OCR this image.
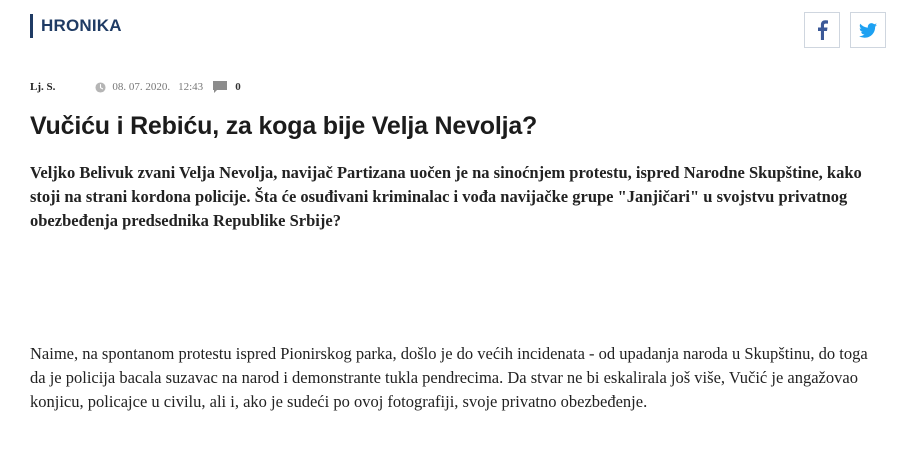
HRONIKA
Lj. S.	08. 07. 2020. 12:43	0
Vučiću i Rebiću, za koga bije Velja Nevolja?

Veljko Belivuk zvani Velja Nevolja, navijač Partizana uočen je na sinoćnjem protestu, ispred Narodne Skupštine, kako stoji na strani kordona policije. Šta će osuđivani kriminalac i vođa navijačke grupe "Janjičari" u svojstvu privatnog obezbeđenja predsednika Republike Srbije?

Naime, na spontanom protestu ispred Pionirskog parka, došlo je do većih incidenata - od upadanja naroda u Skupštinu, do toga da je policija bacala suzavac na narod i demonstrante tukla pendrecima. Da stvar ne bi eskalirala još više, Vučić je angažovao konjicu, policajce u civilu, ali i, ako je sudeći po ovoj fotografiji, svoje privatno obezbeđenje.
